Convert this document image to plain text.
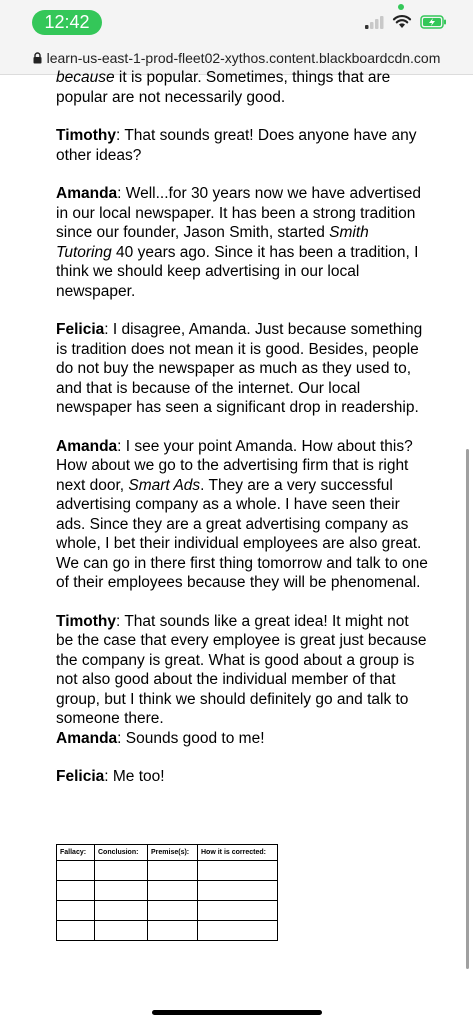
12:42
learn-us-east-1-prod-fleet02-xythos.content.blackboardcdn.com

because it is popular. Sometimes, things that are popular are not necessarily good.

Timothy: That sounds great! Does anyone have any other ideas?

Amanda: Well...for 30 years now we have advertised in our local newspaper. It has been a strong tradition since our founder, Jason Smith, started Smith Tutoring 40 years ago. Since it has been a tradition, I think we should keep advertising in our local newspaper.

Felicia: I disagree, Amanda. Just because something is tradition does not mean it is good. Besides, people do not buy the newspaper as much as they used to, and that is because of the internet. Our local newspaper has seen a significant drop in readership.

Amanda: I see your point Amanda. How about this? How about we go to the advertising firm that is right next door, Smart Ads. They are a very successful advertising company as a whole. I have seen their ads. Since they are a great advertising company as whole, I bet their individual employees are also great. We can go in there first thing tomorrow and talk to one of their employees because they will be phenomenal.

Timothy: That sounds like a great idea! It might not be the case that every employee is great just because the company is great. What is good about a group is not also good about the individual member of that group, but I think we should definitely go and talk to someone there.

Amanda: Sounds good to me!

Felicia: Me too!

Fallacy:	Conclusion:	Premise(s):	How it is corrected:
